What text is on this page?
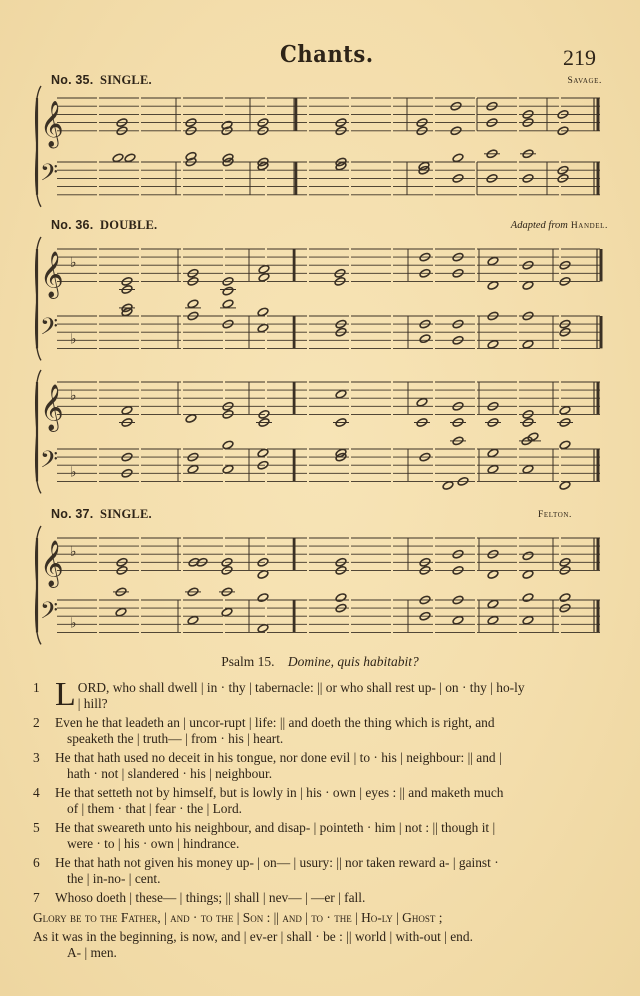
Chants.	219
No. 35. SINGLE.	Savage.
No. 36. DOUBLE.	Adapted from Handel.
No. 37. SINGLE.	Felton.
𝄞
𝄢
𝄞
𝄢
♭
♭
𝄞
𝄢
♭
♭
𝄞
𝄢
♭
♭
Psalm 15. Domine, quis habitabit?
1 L ORD, who shall dwell | in · thy | tabernacle: || or who shall rest up- | on · thy | ho-ly
| hill?
2 Even he that leadeth an | uncor-rupt | life: || and doeth the thing which is right, and
speaketh the | truth— | from · his | heart.
3 He that hath used no deceit in his tongue, nor done evil | to · his | neighbour: || and |
hath · not | slandered · his | neighbour.
4 He that setteth not by himself, but is lowly in | his · own | eyes : || and maketh much
of | them · that | fear · the | Lord.
5 He that sweareth unto his neighbour, and disap- | pointeth · him | not : || though it |
were · to | his · own | hindrance.
6 He that hath not given his money up- | on— | usury: || nor taken reward a- | gainst ·
the | in-no- | cent.
7 Whoso doeth | these— | things; || shall | nev— | —er | fall.
Glory be to the Father, | and · to the | Son : || and | to · the | Ho-ly | Ghost ;
As it was in the beginning, is now, and | ev-er | shall · be : || world | with-out | end.
A- | men.
